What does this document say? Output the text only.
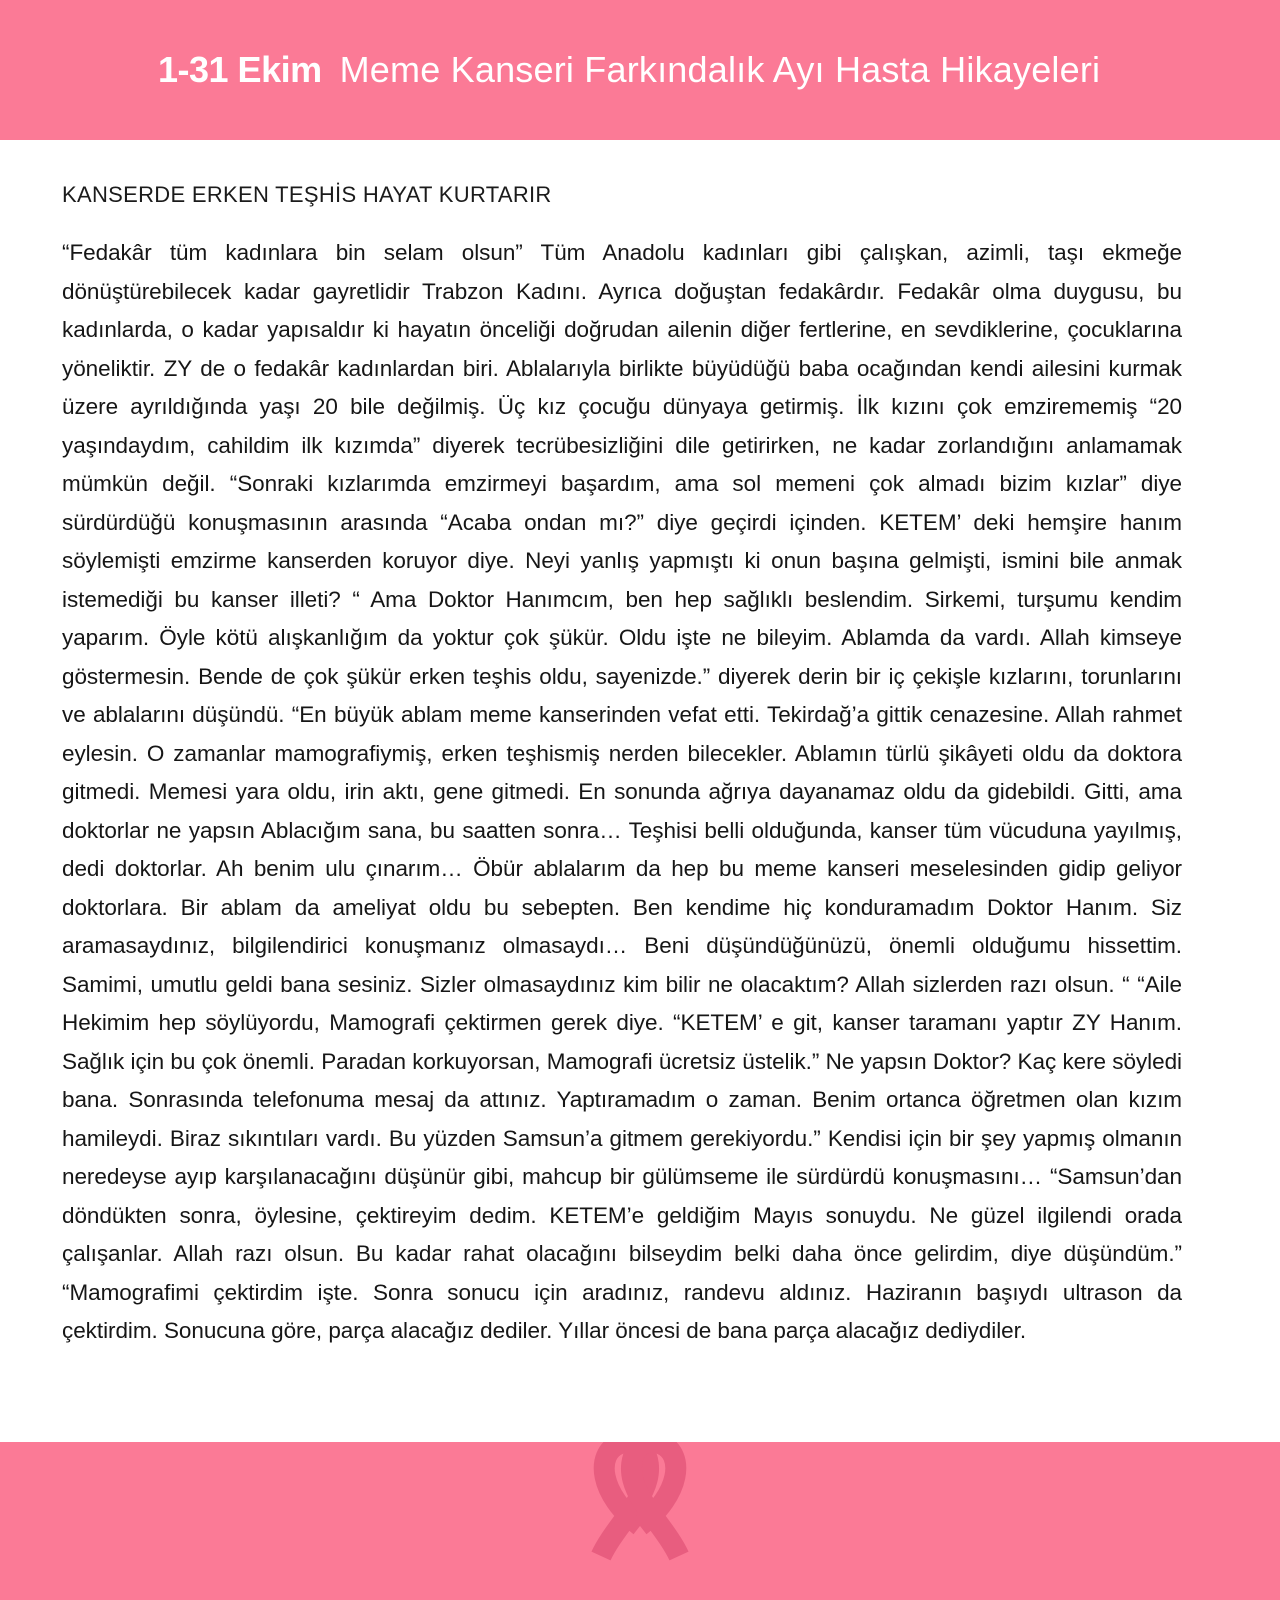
1-31 Ekim Meme Kanseri Farkındalık Ayı Hasta Hikayeleri
KANSERDE ERKEN TEŞHİS HAYAT KURTARIR

“Fedakâr tüm kadınlara bin selam olsun” Tüm Anadolu kadınları gibi çalışkan, azimli, taşı ekmeğe dönüştürebilecek kadar gayretlidir Trabzon Kadını. Ayrıca doğuştan fedakârdır. Fedakâr olma duygusu, bu kadınlarda, o kadar yapısaldır ki hayatın önceliği doğrudan ailenin diğer fertlerine, en sevdiklerine, çocuklarına yöneliktir. ZY de o fedakâr kadınlardan biri. Ablalarıyla birlikte büyüdüğü baba ocağından kendi ailesini kurmak üzere ayrıldığında yaşı 20 bile değilmiş. Üç kız çocuğu dünyaya getirmiş. İlk kızını çok emzirememiş “20 yaşındaydım, cahildim ilk kızımda” diyerek tecrübesizliğini dile getirirken, ne kadar zorlandığını anlamamak mümkün değil. “Sonraki kızlarımda emzirmeyi başardım, ama sol memeni çok almadı bizim kızlar” diye sürdürdüğü konuşmasının arasında “Acaba ondan mı?” diye geçirdi içinden. KETEM’ deki hemşire hanım söylemişti emzirme kanserden koruyor diye. Neyi yanlış yapmıştı ki onun başına gelmişti, ismini bile anmak istemediği bu kanser illeti? “ Ama Doktor Hanımcım, ben hep sağlıklı beslendim. Sirkemi, turşumu kendim yaparım. Öyle kötü alışkanlığım da yoktur çok şükür. Oldu işte ne bileyim. Ablamda da vardı. Allah kimseye göstermesin. Bende de çok şükür erken teşhis oldu, sayenizde.” diyerek derin bir iç çekişle kızlarını, torunlarını ve ablalarını düşündü. “En büyük ablam meme kanserinden vefat etti. Tekirdağ’a gittik cenazesine. Allah rahmet eylesin. O zamanlar mamografiymiş, erken teşhismiş nerden bilecekler. Ablamın türlü şikâyeti oldu da doktora gitmedi. Memesi yara oldu, irin aktı, gene gitmedi. En sonunda ağrıya dayanamaz oldu da gidebildi. Gitti, ama doktorlar ne yapsın Ablacığım sana, bu saatten sonra… Teşhisi belli olduğunda, kanser tüm vücuduna yayılmış, dedi doktorlar. Ah benim ulu çınarım… Öbür ablalarım da hep bu meme kanseri meselesinden gidip geliyor doktorlara. Bir ablam da ameliyat oldu bu sebepten. Ben kendime hiç konduramadım Doktor Hanım. Siz aramasaydınız, bilgilendirici konuşmanız olmasaydı… Beni düşündüğünüzü, önemli olduğumu hissettim. Samimi, umutlu geldi bana sesiniz. Sizler olmasaydınız kim bilir ne olacaktım? Allah sizlerden razı olsun. “ “Aile Hekimim hep söylüyordu, Mamografi çektirmen gerek diye. “KETEM’ e git, kanser taramanı yaptır ZY Hanım. Sağlık için bu çok önemli. Paradan korkuyorsan, Mamografi ücretsiz üstelik.” Ne yapsın Doktor? Kaç kere söyledi bana. Sonrasında telefonuma mesaj da attınız. Yaptıramadım o zaman. Benim ortanca öğretmen olan kızım hamileydi. Biraz sıkıntıları vardı. Bu yüzden Samsun’a gitmem gerekiyordu.” Kendisi için bir şey yapmış olmanın neredeyse ayıp karşılanacağını düşünür gibi, mahcup bir gülümseme ile sürdürdü konuşmasını… “Samsun’dan döndükten sonra, öylesine, çektireyim dedim. KETEM’e geldiğim Mayıs sonuydu. Ne güzel ilgilendi orada çalışanlar. Allah razı olsun. Bu kadar rahat olacağını bilseydim belki daha önce gelirdim, diye düşündüm.” “Mamografimi çektirdim işte. Sonra sonucu için aradınız, randevu aldınız. Haziranın başıydı ultrason da çektirdim. Sonucuna göre, parça alacağız dediler. Yıllar öncesi de bana parça alacağız dediydiler.
